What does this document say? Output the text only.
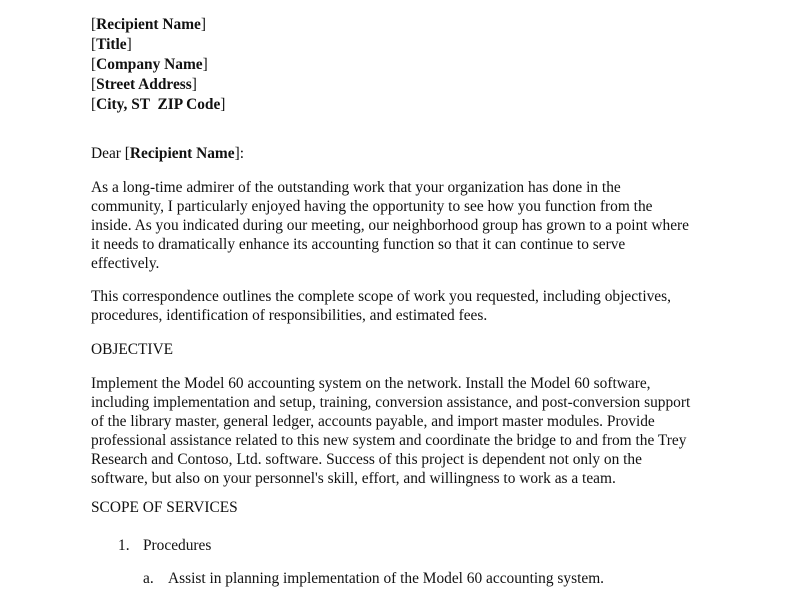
[Recipient Name]
[Title]
[Company Name]
[Street Address]
[City, ST  ZIP Code]
Dear [Recipient Name]:
As a long-time admirer of the outstanding work that your organization has done in the
community, I particularly enjoyed having the opportunity to see how you function from the
inside. As you indicated during our meeting, our neighborhood group has grown to a point where
it needs to dramatically enhance its accounting function so that it can continue to serve
effectively.
This correspondence outlines the complete scope of work you requested, including objectives,
procedures, identification of responsibilities, and estimated fees.
OBJECTIVE
Implement the Model 60 accounting system on the network. Install the Model 60 software,
including implementation and setup, training, conversion assistance, and post-conversion support
of the library master, general ledger, accounts payable, and import master modules. Provide
professional assistance related to this new system and coordinate the bridge to and from the Trey
Research and Contoso, Ltd. software. Success of this project is dependent not only on the
software, but also on your personnel's skill, effort, and willingness to work as a team.
SCOPE OF SERVICES
1. Procedures
a. Assist in planning implementation of the Model 60 accounting system.
